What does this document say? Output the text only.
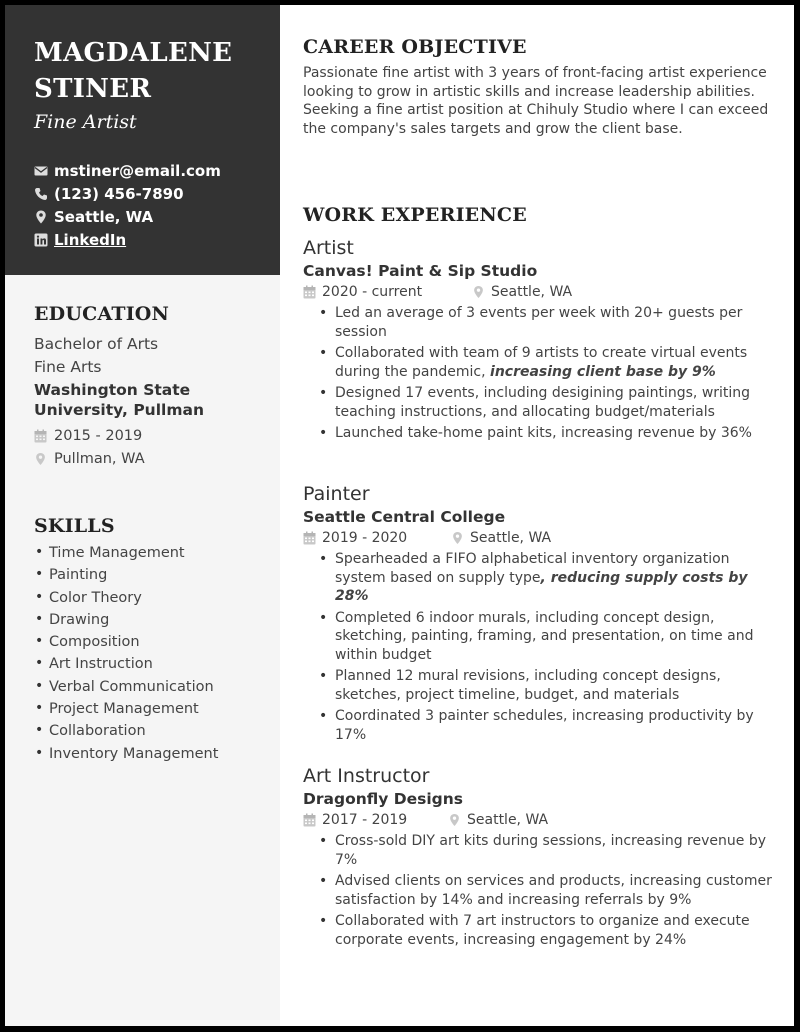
MAGDALENE
STINER
Fine Artist
mstiner@email.com
(123) 456-7890
Seattle, WA
LinkedIn
EDUCATION
Bachelor of Arts
Fine Arts
Washington State University, Pullman
2015 - 2019
Pullman, WA
SKILLS
• Time Management
• Painting
• Color Theory
• Drawing
• Composition
• Art Instruction
• Verbal Communication
• Project Management
• Collaboration
• Inventory Management
CAREER OBJECTIVE
Passionate fine artist with 3 years of front-facing artist experience looking to grow in artistic skills and increase leadership abilities. Seeking a fine artist position at Chihuly Studio where I can exceed the company's sales targets and grow the client base.
WORK EXPERIENCE
Artist
Canvas! Paint & Sip Studio
2020 - current	Seattle, WA
• Led an average of 3 events per week with 20+ guests per session
• Collaborated with team of 9 artists to create virtual events during the pandemic, increasing client base by 9%
• Designed 17 events, including desigining paintings, writing teaching instructions, and allocating budget/materials
• Launched take-home paint kits, increasing revenue by 36%
Painter
Seattle Central College
2019 - 2020	Seattle, WA
• Spearheaded a FIFO alphabetical inventory organization system based on supply type, reducing supply costs by 28%
• Completed 6 indoor murals, including concept design, sketching, painting, framing, and presentation, on time and within budget
• Planned 12 mural revisions, including concept designs, sketches, project timeline, budget, and materials
• Coordinated 3 painter schedules, increasing productivity by 17%
Art Instructor
Dragonfly Designs
2017 - 2019	Seattle, WA
• Cross-sold DIY art kits during sessions, increasing revenue by 7%
• Advised clients on services and products, increasing customer satisfaction by 14% and increasing referrals by 9%
• Collaborated with 7 art instructors to organize and execute corporate events, increasing engagement by 24%
